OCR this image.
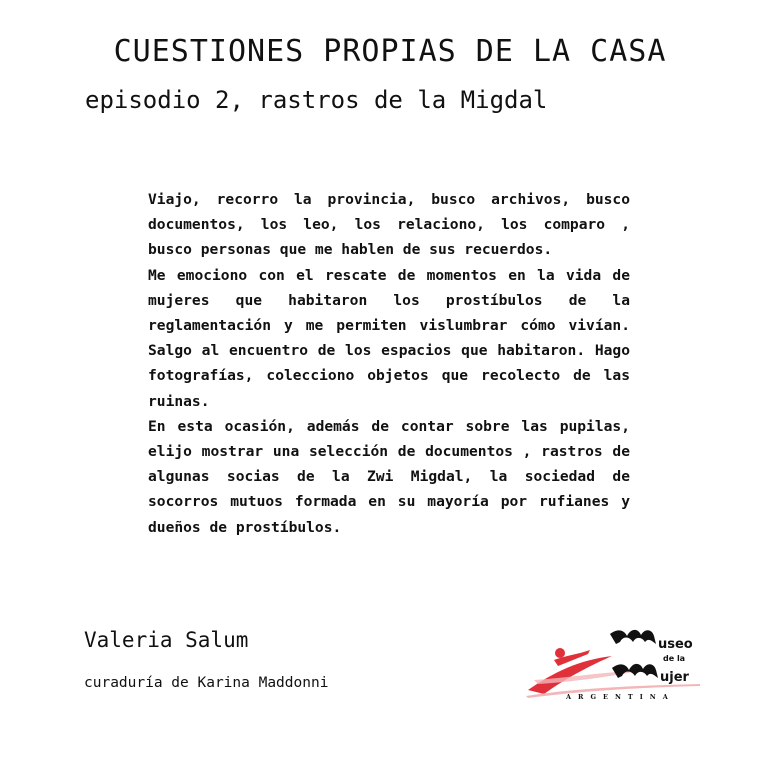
CUESTIONES PROPIAS DE LA CASA
episodio 2, rastros de la Migdal

Viajo, recorro la provincia, busco archivos, busco documentos, los leo, los relaciono, los comparo , busco personas que me hablen de sus recuerdos.

Me emociono con el rescate de momentos en la vida de mujeres que habitaron los prostíbulos de la reglamentación y me permiten vislumbrar cómo vivían. Salgo al encuentro de los espacios que habitaron. Hago fotografías, colecciono objetos que recolecto de las ruinas.

En esta ocasión, además de contar sobre las pupilas, elijo mostrar una selección de documentos , rastros de algunas socias de la Zwi Migdal, la sociedad de socorros mutuos formada en su mayoría por rufianes y dueños de prostíbulos.

Valeria Salum
curaduría de Karina Maddonni
useo
de la
ujer
ARGENTINA
